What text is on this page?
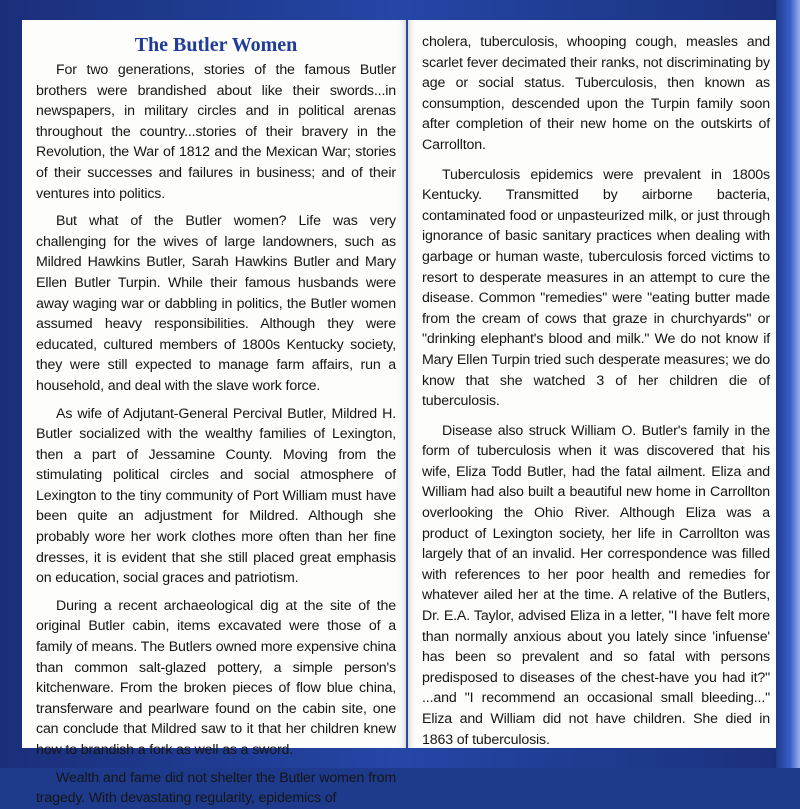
The Butler Women

For two generations, stories of the famous Butler brothers were brandished about like their swords...in newspapers, in military circles and in political arenas throughout the country...stories of their bravery in the Revolution, the War of 1812 and the Mexican War; stories of their successes and failures in business; and of their ventures into politics.

But what of the Butler women? Life was very challenging for the wives of large landowners, such as Mildred Hawkins Butler, Sarah Hawkins Butler and Mary Ellen Butler Turpin. While their famous husbands were away waging war or dabbling in politics, the Butler women assumed heavy responsibilities. Although they were educated, cultured members of 1800s Kentucky society, they were still expected to manage farm affairs, run a household, and deal with the slave work force.

As wife of Adjutant-General Percival Butler, Mildred H. Butler socialized with the wealthy families of Lexington, then a part of Jessamine County. Moving from the stimulating political circles and social atmosphere of Lexington to the tiny community of Port William must have been quite an adjustment for Mildred. Although she probably wore her work clothes more often than her fine dresses, it is evident that she still placed great emphasis on education, social graces and patriotism.

During a recent archaeological dig at the site of the original Butler cabin, items excavated were those of a family of means. The Butlers owned more expensive china than common salt-glazed pottery, a simple person's kitchenware. From the broken pieces of flow blue china, transferware and pearlware found on the cabin site, one can conclude that Mildred saw to it that her children knew how to brandish a fork as well as a sword.

Wealth and fame did not shelter the Butler women from tragedy. With devastating regularity, epidemics of

cholera, tuberculosis, whooping cough, measles and scarlet fever decimated their ranks, not discriminating by age or social status. Tuberculosis, then known as consumption, descended upon the Turpin family soon after completion of their new home on the outskirts of Carrollton.

Tuberculosis epidemics were prevalent in 1800s Kentucky. Transmitted by airborne bacteria, contaminated food or unpasteurized milk, or just through ignorance of basic sanitary practices when dealing with garbage or human waste, tuberculosis forced victims to resort to desperate measures in an attempt to cure the disease. Common "remedies" were "eating butter made from the cream of cows that graze in churchyards" or "drinking elephant's blood and milk." We do not know if Mary Ellen Turpin tried such desperate measures; we do know that she watched 3 of her children die of tuberculosis.

Disease also struck William O. Butler's family in the form of tuberculosis when it was discovered that his wife, Eliza Todd Butler, had the fatal ailment. Eliza and William had also built a beautiful new home in Carrollton overlooking the Ohio River. Although Eliza was a product of Lexington society, her life in Carrollton was largely that of an invalid. Her correspondence was filled with references to her poor health and remedies for whatever ailed her at the time. A relative of the Butlers, Dr. E.A. Taylor, advised Eliza in a letter, "I have felt more than normally anxious about you lately since 'infuense' has been so prevalent and so fatal with persons predisposed to diseases of the chest-have you had it?" ...and "I recommend an occasional small bleeding..." Eliza and William did not have children. She died in 1863 of tuberculosis.
